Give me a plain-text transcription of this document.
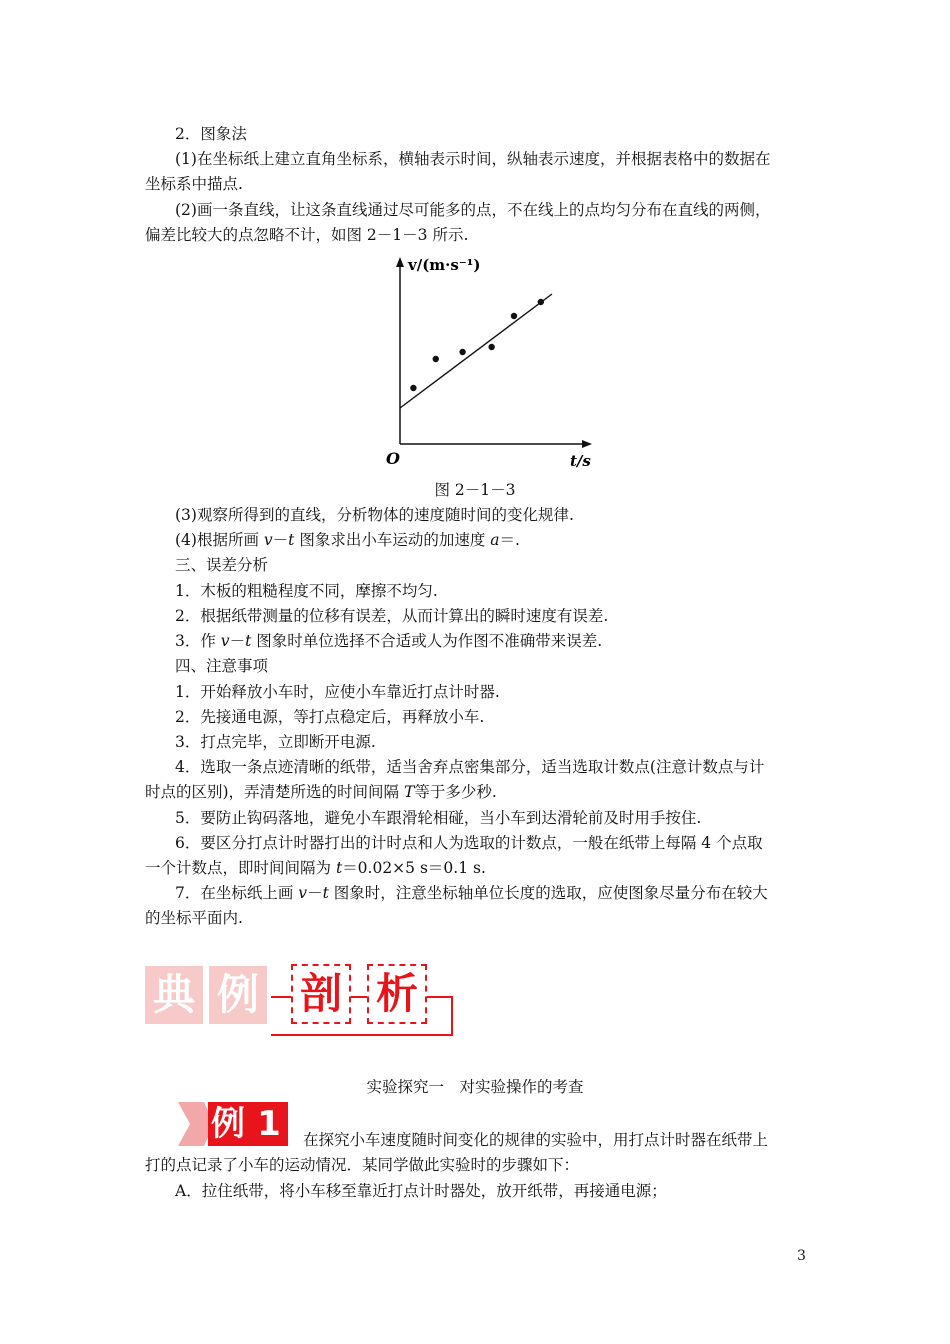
2．图象法
(1)在坐标纸上建立直角坐标系，横轴表示时间，纵轴表示速度，并根据表格中的数据在
坐标系中描点.
(2)画一条直线，让这条直线通过尽可能多的点，不在线上的点均匀分布在直线的两侧，
偏差比较大的点忽略不计，如图 2－1－3 所示.
v/(m·s⁻¹)
t/s
O
图 2－1－3
(3)观察所得到的直线，分析物体的速度随时间的变化规律.
(4)根据所画 v－t 图象求出小车运动的加速度 a＝.
三、误差分析
1．木板的粗糙程度不同，摩擦不均匀.
2．根据纸带测量的位移有误差，从而计算出的瞬时速度有误差.
3．作 v－t 图象时单位选择不合适或人为作图不准确带来误差.
四、注意事项
1．开始释放小车时，应使小车靠近打点计时器.
2．先接通电源，等打点稳定后，再释放小车.
3．打点完毕，立即断开电源.
4．选取一条点迹清晰的纸带，适当舍弃点密集部分，适当选取计数点(注意计数点与计
时点的区别)，弄清楚所选的时间间隔 T等于多少秒.
5．要防止钩码落地，避免小车跟滑轮相碰，当小车到达滑轮前及时用手按住.
6．要区分打点计时器打出的计时点和人为选取的计数点，一般在纸带上每隔 4 个点取
一个计数点，即时间间隔为 t＝0.02×5 s＝0.1 s.
7．在坐标纸上画 v－t 图象时，注意坐标轴单位长度的选取，应使图象尽量分布在较大
的坐标平面内.
典 例 剖 析
实验探究一　对实验操作的考查
例 1	在探究小车速度随时间变化的规律的实验中，用打点计时器在纸带上
打的点记录了小车的运动情况．某同学做此实验时的步骤如下：
A．拉住纸带，将小车移至靠近打点计时器处，放开纸带，再接通电源；
3
